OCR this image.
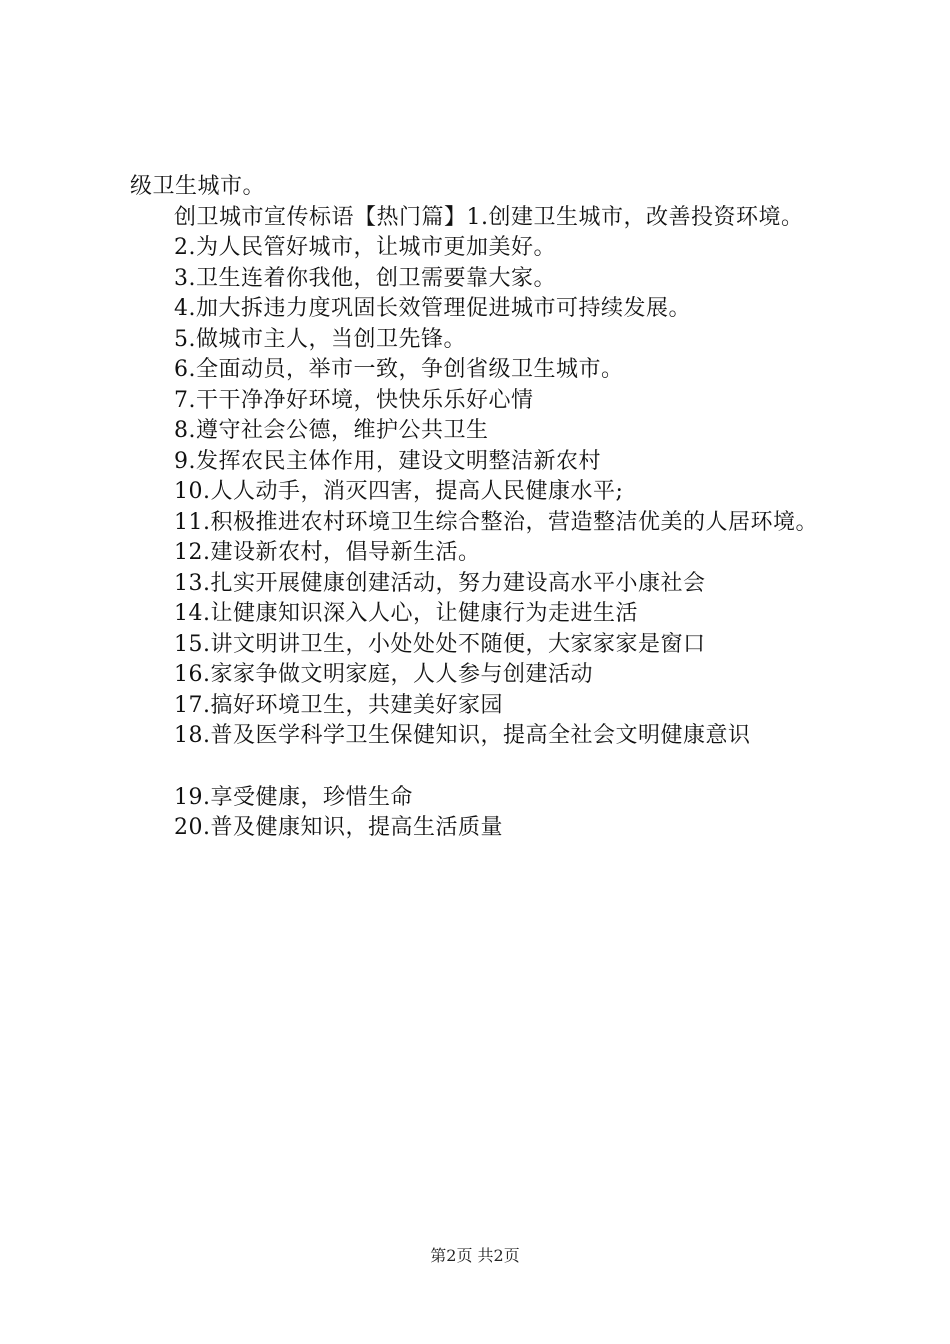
级卫生城市。

创卫城市宣传标语【热门篇】1.创建卫生城市，改善投资环境。

2.为人民管好城市，让城市更加美好。

3.卫生连着你我他，创卫需要靠大家。

4.加大拆违力度巩固长效管理促进城市可持续发展。

5.做城市主人，当创卫先锋。

6.全面动员，举市一致，争创省级卫生城市。

7.干干净净好环境，快快乐乐好心情

8.遵守社会公德，维护公共卫生

9.发挥农民主体作用，建设文明整洁新农村

10.人人动手，消灭四害，提高人民健康水平;

11.积极推进农村环境卫生综合整治，营造整洁优美的人居环境。

12.建设新农村，倡导新生活。

13.扎实开展健康创建活动，努力建设高水平小康社会

14.让健康知识深入人心，让健康行为走进生活

15.讲文明讲卫生，小处处处不随便，大家家家是窗口

16.家家争做文明家庭，人人参与创建活动

17.搞好环境卫生，共建美好家园

18.普及医学科学卫生保健知识，提高全社会文明健康意识

19.享受健康，珍惜生命

20.普及健康知识，提高生活质量

第2页 共2页
